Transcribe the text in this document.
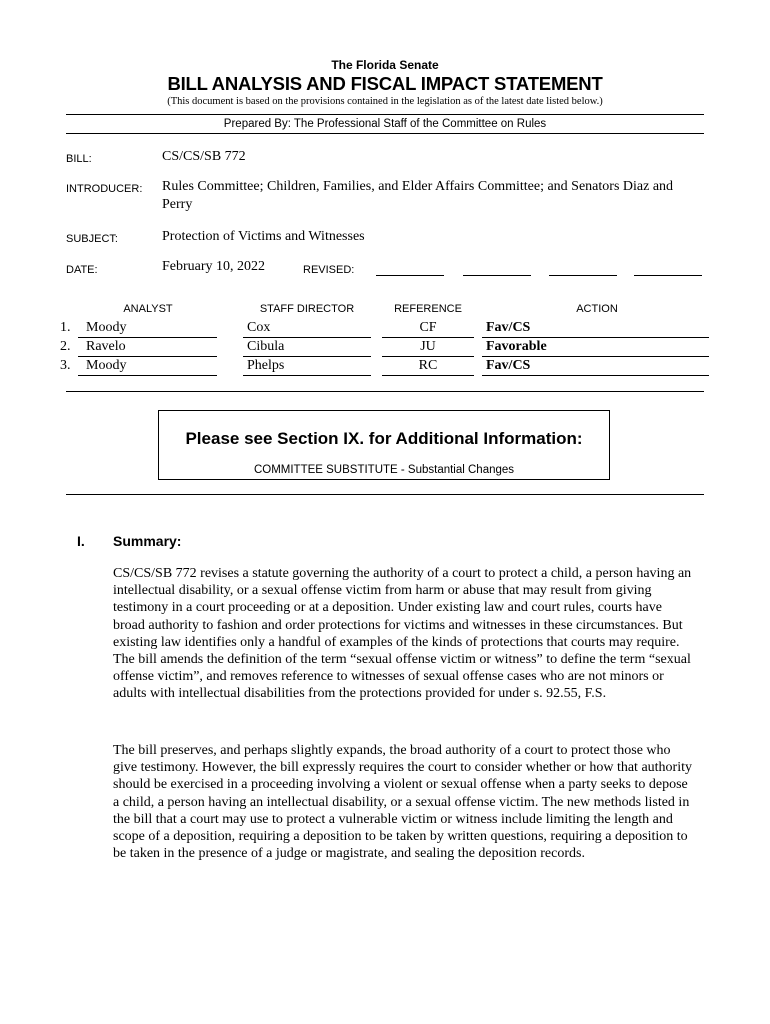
The Florida Senate
BILL ANALYSIS AND FISCAL IMPACT STATEMENT
(This document is based on the provisions contained in the legislation as of the latest date listed below.)
Prepared By: The Professional Staff of the Committee on Rules
BILL:	CS/CS/SB 772
INTRODUCER: Rules Committee; Children, Families, and Elder Affairs Committee; and Senators Diaz and Perry
SUBJECT:	Protection of Victims and Witnesses
DATE:	February 10, 2022	REVISED:
ANALYST	STAFF DIRECTOR	REFERENCE	ACTION
1. Moody	Cox	CF	Fav/CS
2. Ravelo	Cibula	JU	Favorable
3. Moody	Phelps	RC	Fav/CS
Please see Section IX. for Additional Information:
COMMITTEE SUBSTITUTE - Substantial Changes
I. Summary:
CS/CS/SB 772 revises a statute governing the authority of a court to protect a child, a person having an intellectual disability, or a sexual offense victim from harm or abuse that may result from giving testimony in a court proceeding or at a deposition. Under existing law and court rules, courts have broad authority to fashion and order protections for victims and witnesses in these circumstances. But existing law identifies only a handful of examples of the kinds of protections that courts may require. The bill amends the definition of the term “sexual offense victim or witness” to define the term “sexual offense victim”, and removes reference to witnesses of sexual offense cases who are not minors or adults with intellectual disabilities from the protections provided for under s. 92.55, F.S.
The bill preserves, and perhaps slightly expands, the broad authority of a court to protect those who give testimony. However, the bill expressly requires the court to consider whether or how that authority should be exercised in a proceeding involving a violent or sexual offense when a party seeks to depose a child, a person having an intellectual disability, or a sexual offense victim. The new methods listed in the bill that a court may use to protect a vulnerable victim or witness include limiting the length and scope of a deposition, requiring a deposition to be taken by written questions, requiring a deposition to be taken in the presence of a judge or magistrate, and sealing the deposition records.
